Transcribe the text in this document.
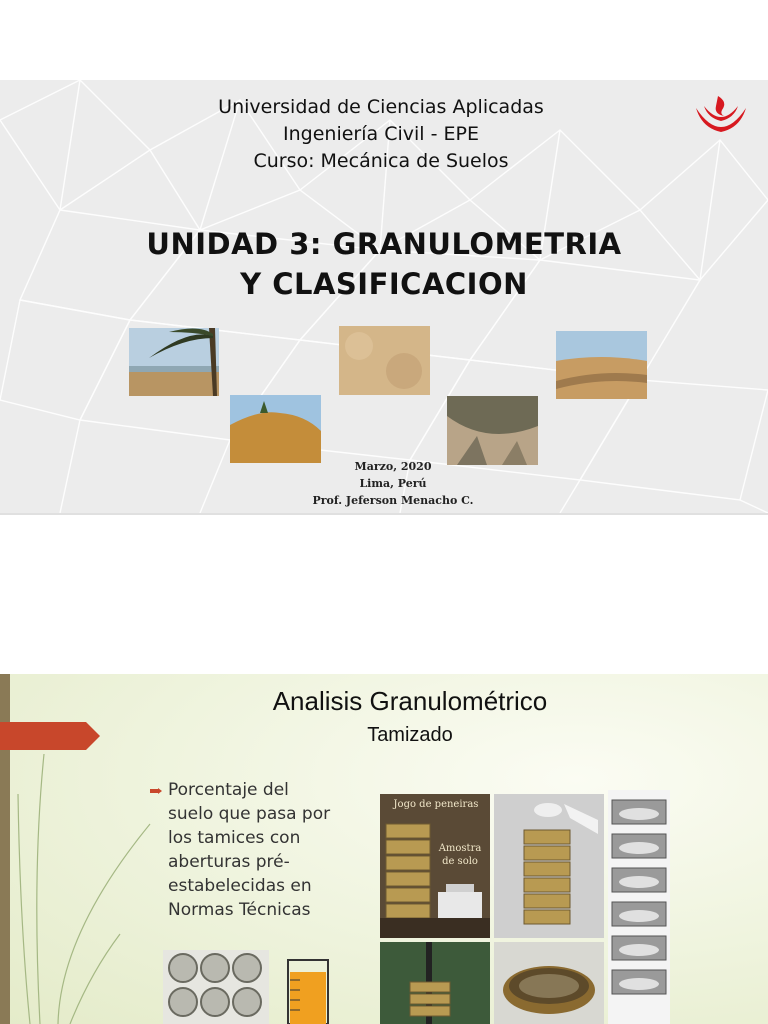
Universidad de Ciencias Aplicadas
Ingeniería Civil - EPE
Curso: Mecánica de Suelos
UNIDAD 3: GRANULOMETRIA
Y CLASIFICACION
Marzo, 2020
Lima, Perú
Prof. Jeferson Menacho C.
Analisis Granulométrico
Tamizado
Porcentaje del
suelo que pasa por
los tamices con
aberturas pré-
estabelecidas en
Normas Técnicas
Jogo de peneiras
Amostra
de solo
